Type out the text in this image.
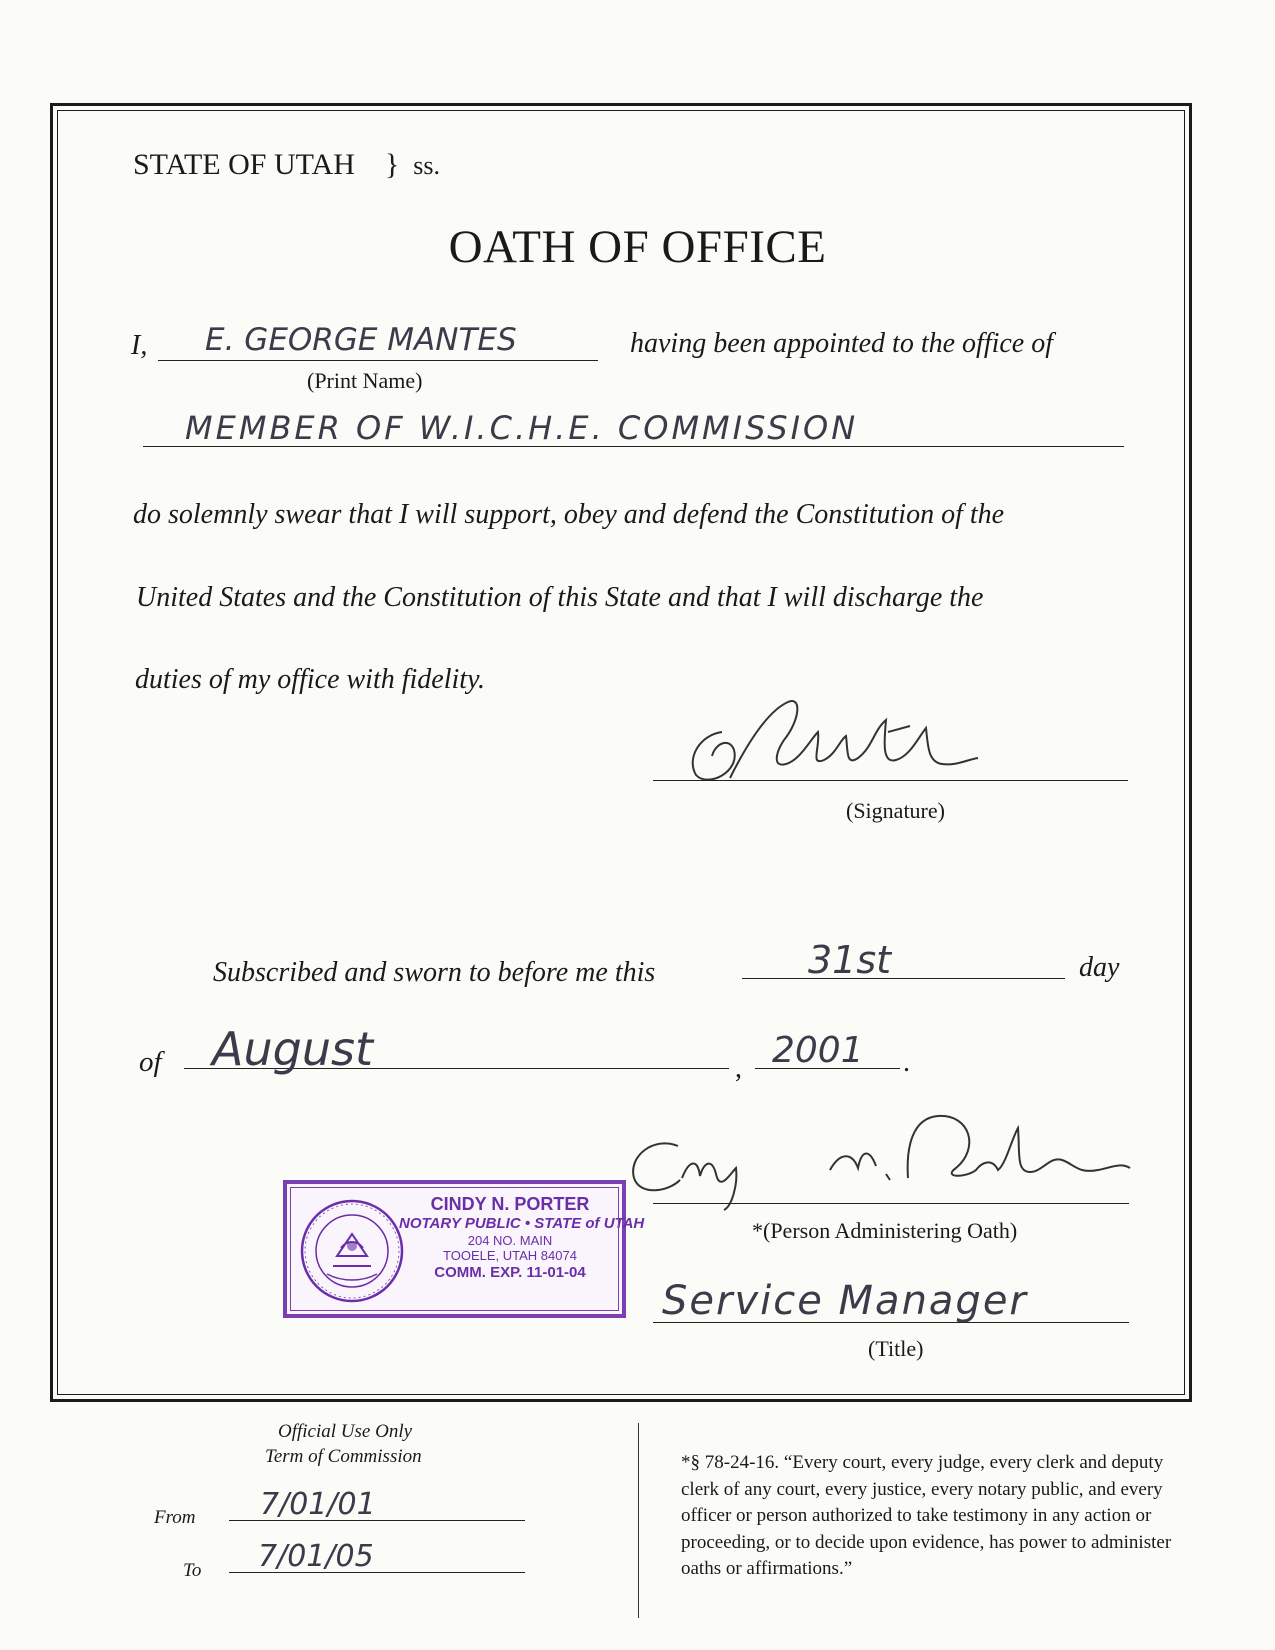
STATE OF UTAH } ss.
OATH OF OFFICE
I, E. GEORGE MANTES	having been appointed to the office of
(Print Name)
MEMBER OF W.I.C.H.E. COMMISSION
do solemnly swear that I will support, obey and defend the Constitution of the
United States and the Constitution of this State and that I will discharge the
duties of my office with fidelity.
(Signature)
Subscribed and sworn to before me this	31st	day
of August	, 2001 .
CINDY N. PORTER
NOTARY PUBLIC • STATE of UTAH
204 NO. MAIN
TOOELE, UTAH 84074
COMM. EXP. 11-01-04
*(Person Administering Oath)
Service Manager
(Title)
Official Use Only
Term of Commission
From 7/01/01
To 7/01/05
*§ 78-24-16. “Every court, every judge, every clerk and deputy clerk of any court, every justice, every notary public, and every officer or person authorized to take testimony in any action or proceeding, or to decide upon evidence, has power to administer oaths or affirmations.”
